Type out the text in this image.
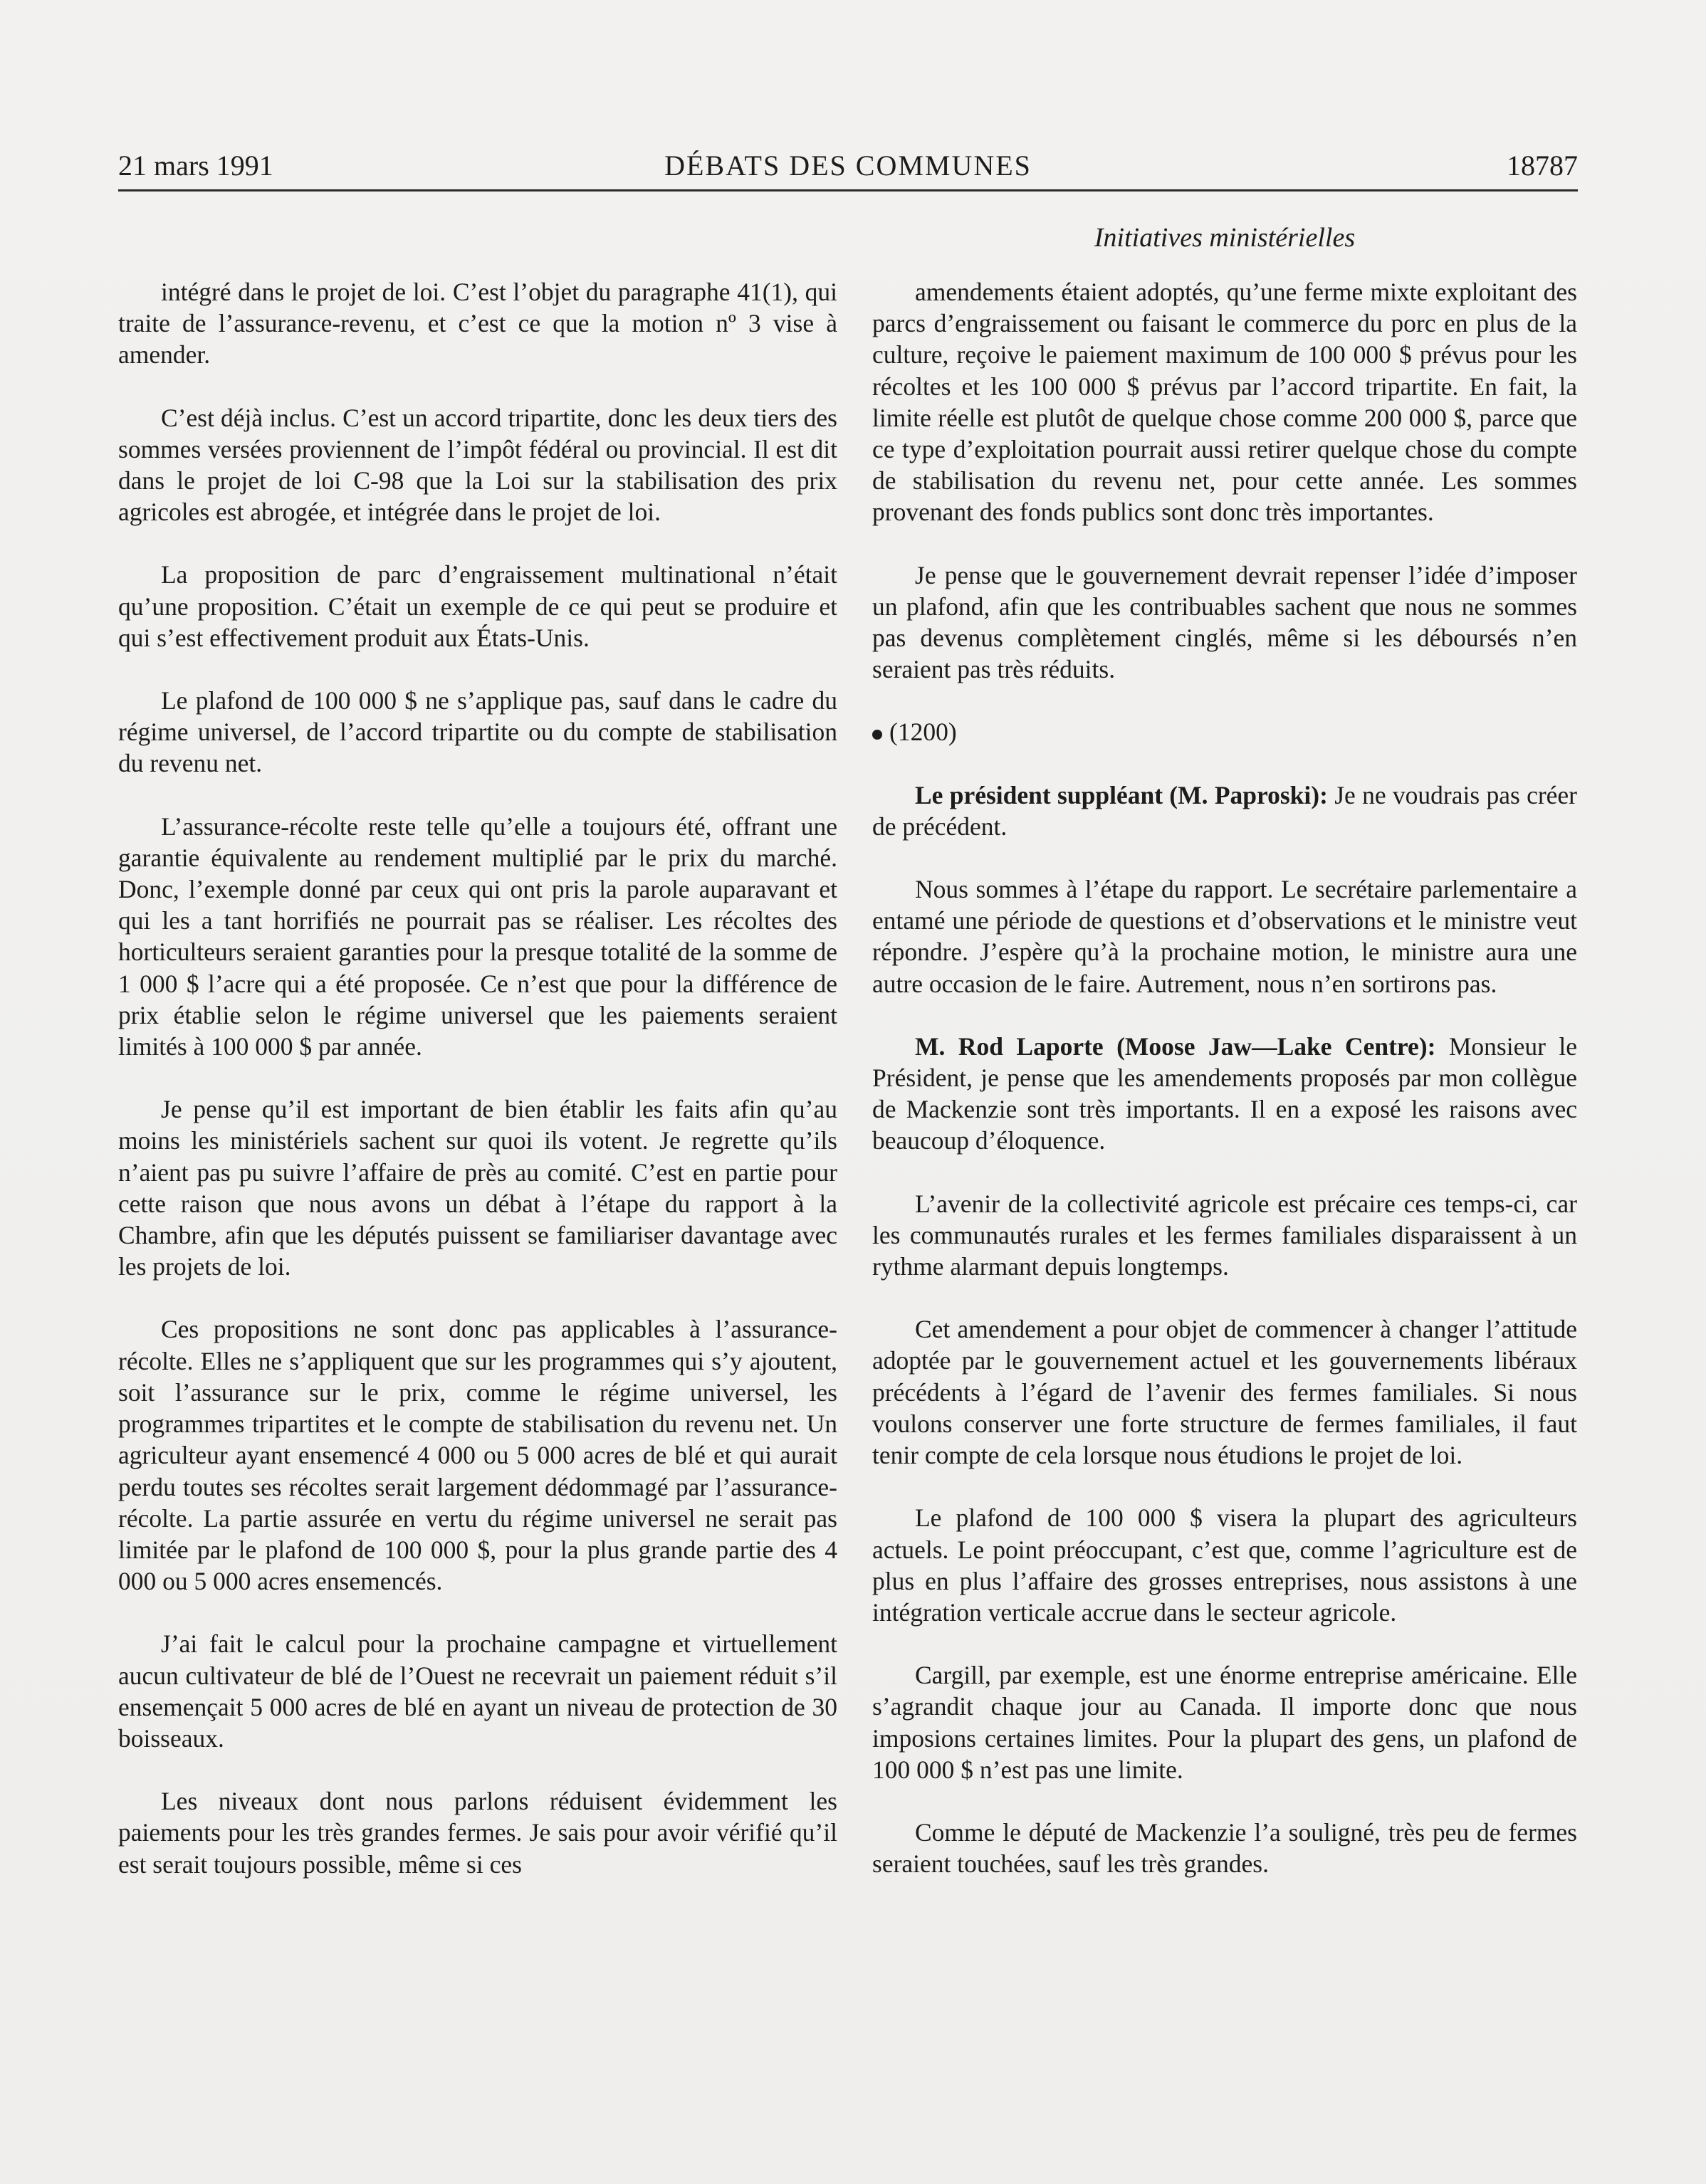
21 mars 1991	DÉBATS DES COMMUNES	18787
Initiatives ministérielles

intégré dans le projet de loi. C’est l’objet du paragraphe 41(1), qui traite de l’assurance-revenu, et c’est ce que la motion nº 3 vise à amender.

C’est déjà inclus. C’est un accord tripartite, donc les deux tiers des sommes versées proviennent de l’impôt fédéral ou provincial. Il est dit dans le projet de loi C-98 que la Loi sur la stabilisation des prix agricoles est abrogée, et intégrée dans le projet de loi.

La proposition de parc d’engraissement multinational n’était qu’une proposition. C’était un exemple de ce qui peut se produire et qui s’est effectivement produit aux États-Unis.

Le plafond de 100 000 $ ne s’applique pas, sauf dans le cadre du régime universel, de l’accord tripartite ou du compte de stabilisation du revenu net.

L’assurance-récolte reste telle qu’elle a toujours été, offrant une garantie équivalente au rendement multiplié par le prix du marché. Donc, l’exemple donné par ceux qui ont pris la parole auparavant et qui les a tant horrifiés ne pourrait pas se réaliser. Les récoltes des horticulteurs seraient garanties pour la presque totalité de la somme de 1 000 $ l’acre qui a été proposée. Ce n’est que pour la différence de prix établie selon le régime universel que les paiements seraient limités à 100 000 $ par année.

Je pense qu’il est important de bien établir les faits afin qu’au moins les ministériels sachent sur quoi ils votent. Je regrette qu’ils n’aient pas pu suivre l’affaire de près au comité. C’est en partie pour cette raison que nous avons un débat à l’étape du rapport à la Chambre, afin que les députés puissent se familiariser davantage avec les projets de loi.

Ces propositions ne sont donc pas applicables à l’assurance-récolte. Elles ne s’appliquent que sur les programmes qui s’y ajoutent, soit l’assurance sur le prix, comme le régime universel, les programmes tripartites et le compte de stabilisation du revenu net. Un agriculteur ayant ensemencé 4 000 ou 5 000 acres de blé et qui aurait perdu toutes ses récoltes serait largement dédommagé par l’assurance-récolte. La partie assurée en vertu du régime universel ne serait pas limitée par le plafond de 100 000 $, pour la plus grande partie des 4 000 ou 5 000 acres ensemencés.

J’ai fait le calcul pour la prochaine campagne et virtuellement aucun cultivateur de blé de l’Ouest ne recevrait un paiement réduit s’il ensemençait 5 000 acres de blé en ayant un niveau de protection de 30 boisseaux.

Les niveaux dont nous parlons réduisent évidemment les paiements pour les très grandes fermes. Je sais pour avoir vérifié qu’il est serait toujours possible, même si ces

amendements étaient adoptés, qu’une ferme mixte exploitant des parcs d’engraissement ou faisant le commerce du porc en plus de la culture, reçoive le paiement maximum de 100 000 $ prévus pour les récoltes et les 100 000 $ prévus par l’accord tripartite. En fait, la limite réelle est plutôt de quelque chose comme 200 000 $, parce que ce type d’exploitation pourrait aussi retirer quelque chose du compte de stabilisation du revenu net, pour cette année. Les sommes provenant des fonds publics sont donc très importantes.

Je pense que le gouvernement devrait repenser l’idée d’imposer un plafond, afin que les contribuables sachent que nous ne sommes pas devenus complètement cinglés, même si les déboursés n’en seraient pas très réduits.

(1200)

Le président suppléant (M. Paproski): Je ne voudrais pas créer de précédent.

Nous sommes à l’étape du rapport. Le secrétaire parlementaire a entamé une période de questions et d’observations et le ministre veut répondre. J’espère qu’à la prochaine motion, le ministre aura une autre occasion de le faire. Autrement, nous n’en sortirons pas.

M. Rod Laporte (Moose Jaw—Lake Centre): Monsieur le Président, je pense que les amendements proposés par mon collègue de Mackenzie sont très importants. Il en a exposé les raisons avec beaucoup d’éloquence.

L’avenir de la collectivité agricole est précaire ces temps-ci, car les communautés rurales et les fermes familiales disparaissent à un rythme alarmant depuis longtemps.

Cet amendement a pour objet de commencer à changer l’attitude adoptée par le gouvernement actuel et les gouvernements libéraux précédents à l’égard de l’avenir des fermes familiales. Si nous voulons conserver une forte structure de fermes familiales, il faut tenir compte de cela lorsque nous étudions le projet de loi.

Le plafond de 100 000 $ visera la plupart des agriculteurs actuels. Le point préoccupant, c’est que, comme l’agriculture est de plus en plus l’affaire des grosses entreprises, nous assistons à une intégration verticale accrue dans le secteur agricole.

Cargill, par exemple, est une énorme entreprise américaine. Elle s’agrandit chaque jour au Canada. Il importe donc que nous imposions certaines limites. Pour la plupart des gens, un plafond de 100 000 $ n’est pas une limite.

Comme le député de Mackenzie l’a souligné, très peu de fermes seraient touchées, sauf les très grandes.
